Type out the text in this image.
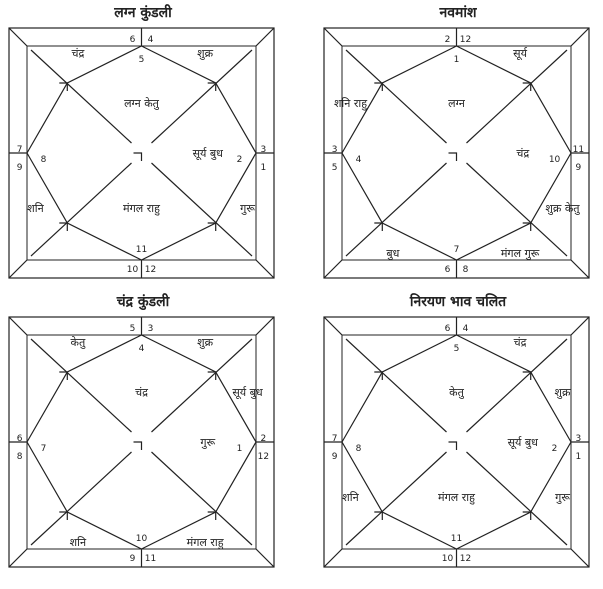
लग्न कुंडली
5
6
7
8
9
10
11
12
1
2
3
4
लग्न केतु
चंद्र
शनि	मंगल राहु	गुरू
सूर्य बुध
शुक्र
नवमांश
1
2
3
4
5
6
7
8
9
10
11
12
लग्न
शनि राहु
बुध	मंगल गुरू
शुक्र केतु
चंद्र
सूर्य
चंद्र कुंडली
4
5
6
7
8
9
10
11
12
1
2
3
चंद्र
केतु
शनि	मंगल राहु
गुरू
सूर्य बुध
शुक्र
निरयण भाव चलित
5
6
7
8
9
10
11
12
1
2
3
4
केतु
शनि	मंगल राहु	गुरू
सूर्य बुध
शुक्र
चंद्र
